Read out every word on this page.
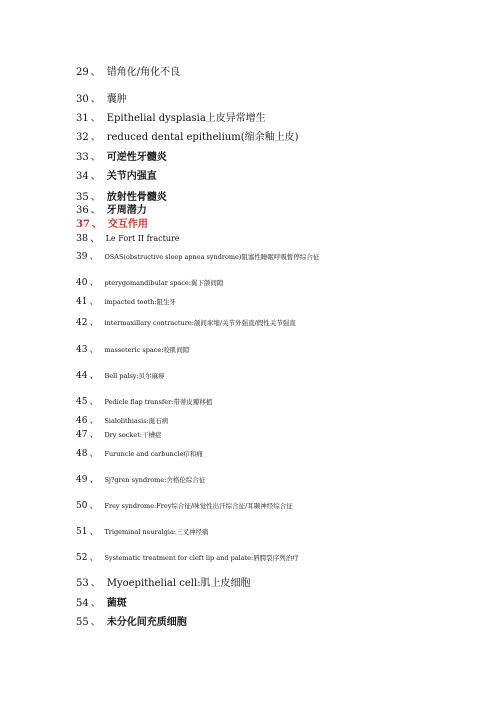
29 、 错角化/角化不良
30 、 囊肿
31 、 Epithelial dysplasia上皮异常增生
32 、 reduced dental epithelium(缩余釉上皮)
33 、 可逆性牙髓炎
34 、 关节内强直
35 、 放射性骨髓炎
36 、 牙周潜力
37 、 交互作用
38 、 Le Fort II fracture
39 、 OSAS(obstructive sleep apnea syndrome)阻塞性睡眠呼吸暂停综合征
40 、 pterygomandibular space:翼下颌间隙
41 、 impacted tooth:阻生牙
42 、 intermaxillary contracture:颌间挛缩/关节外强直/假性关节强直
43 、 masseteric space:咬肌间隙
44 、 Bell palsy:贝尔麻痹
45 、 Pedicle flap transfer:带蒂皮瓣移植
46 、 Sialolithiasis:涎石病
47 、 Dry socket:干槽症
48 、 Furuncle and carbuncle疖和痈
49 、 Sj?gren syndrome:舍格伦综合征
50 、 Frey syndrome:Frey综合征/味觉性出汗综合征/耳颞神经综合征
51 、 Trigeminal neuralgia:三叉神经痛
52 、 Systematic treatment for cleft lip and palate:唇腭裂序列治疗
53 、 Myoepithelial cell:肌上皮细胞
54 、 菌斑
55 、 未分化间充质细胞
